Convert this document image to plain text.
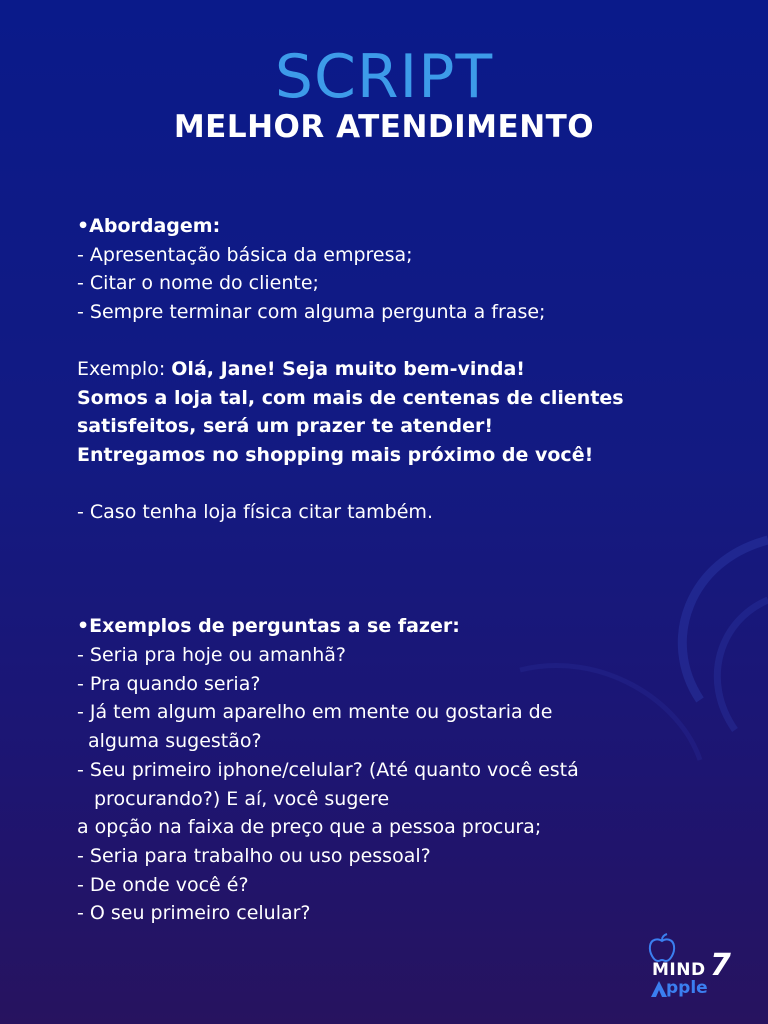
SCRIPT
MELHOR ATENDIMENTO
•Abordagem:
- Apresentação básica da empresa;
- Citar o nome do cliente;
- Sempre terminar com alguma pergunta a frase;
Exemplo: Olá, Jane! Seja muito bem-vinda!
Somos a loja tal, com mais de centenas de clientes
satisfeitos, será um prazer te atender!
Entregamos no shopping mais próximo de você!
- Caso tenha loja física citar também.
•Exemplos de perguntas a se fazer:
- Seria pra hoje ou amanhã?
- Pra quando seria?
- Já tem algum aparelho em mente ou gostaria de
alguma sugestão?
- Seu primeiro iphone/celular? (Até quanto você está
procurando?) E aí, você sugere
a opção na faixa de preço que a pessoa procura;
- Seria para trabalho ou uso pessoal?
- De onde você é?
- O seu primeiro celular?
MIND 7
pple
